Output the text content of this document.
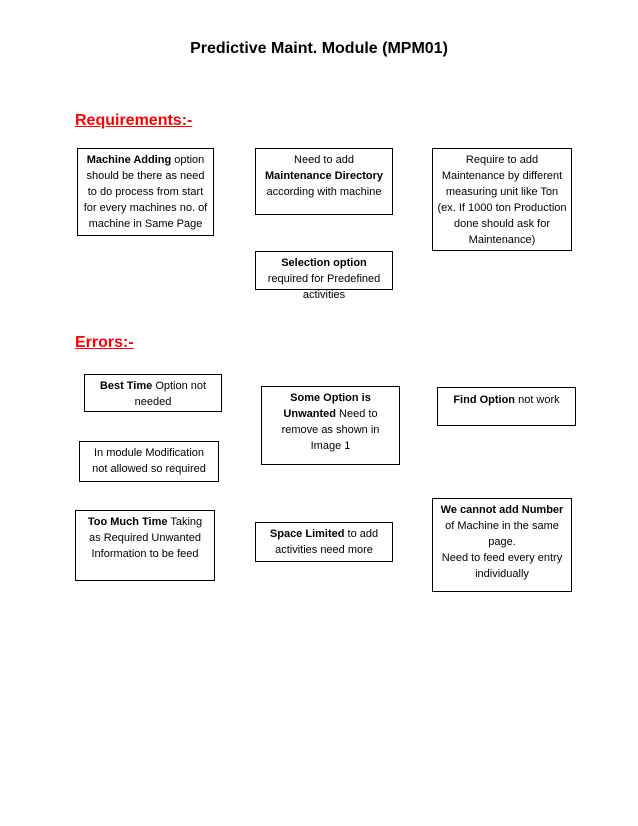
Predictive Maint. Module (MPM01)
Requirements:-
Machine Adding option should be there as need to do process from start for every machines no. of machine in Same Page
Need to add Maintenance Directory according with machine
Require to add Maintenance by different measuring unit like Ton (ex. If 1000 ton Production done should ask for Maintenance)
Selection option required for Predefined activities
Errors:-
Best Time Option not needed	Some Option is Unwanted Need to remove as shown in Image 1
Find Option not work
In module Modification not allowed so required
We cannot add Number of Machine in the same page.
Need to feed every entry individually
Too Much Time Taking as Required Unwanted Information to be feed
Space Limited to add activities need more
